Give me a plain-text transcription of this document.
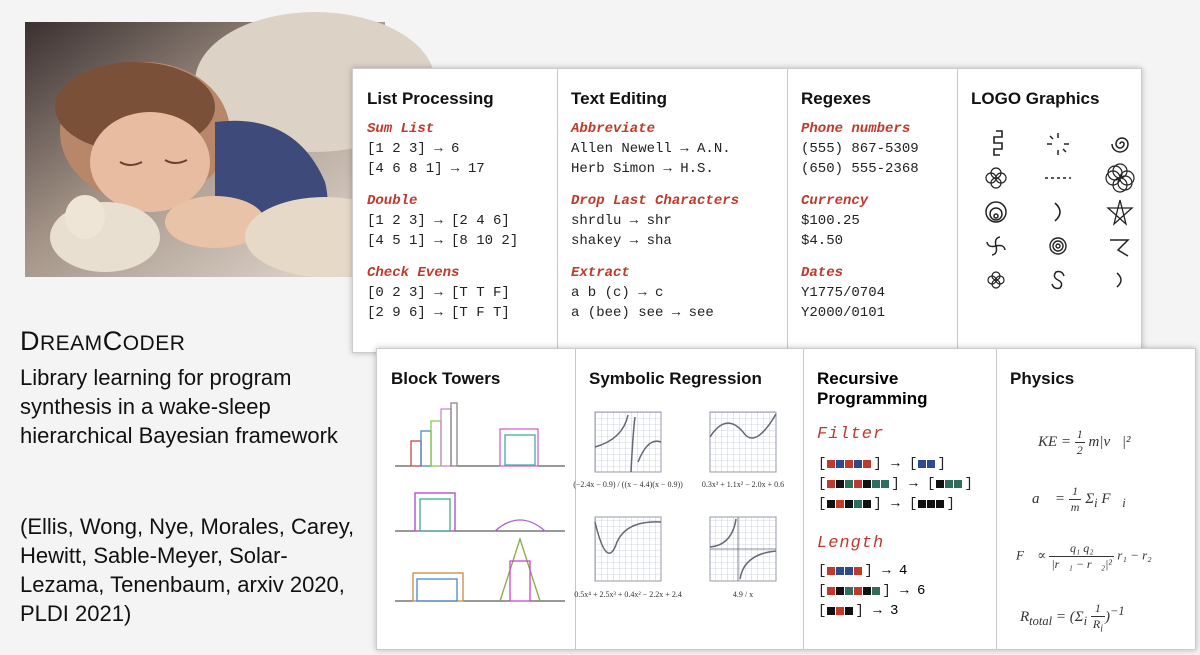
DREAMCODER
Library learning for program synthesis in a wake-sleep hierarchical Bayesian framework
(Ellis, Wong, Nye, Morales, Carey, Hewitt, Sable-Meyer, Solar-Lezama, Tenenbaum, arxiv 2020, PLDI 2021)
List Processing
Sum List
[1 2 3] → 6
[4 6 8 1] → 17
Double
[1 2 3] → [2 4 6]
[4 5 1] → [8 10 2]
Check Evens
[0 2 3] → [T T F]
[2 9 6] → [T F T]
Text Editing
Abbreviate
Allen Newell → A.N.
Herb Simon → H.S.
Drop Last Characters
shrdlu → shr
shakey → sha
Extract
a b (c) → c
a (bee) see → see
Regexes
Phone numbers
(555) 867-5309
(650) 555-2368
Currency
$100.25
$4.50
Dates
Y1775/0704
Y2000/0101
LOGO Graphics
Block Towers	Symbolic Regression
(−2.4x − 0.9) / ((x − 4.4)(x − 0.9)) 0.3x³ + 1.1x² − 2.0x + 0.6
0.5x⁴ + 2.5x³ + 0.4x² − 2.2x + 2.4	4.9 / x
Recursive
Programming
Filter
[	] → [ ]
[	] → [ ]
[	] → [ ]
Length
[	] → 4
[	] → 6
[ ] → 3
Physics
KE = $\frac{1}{2}$ m|v⃗|²
a⃗ = $\frac{1}{m} \Sigma_i$ $F⃗_i$
F⃗ ∝ $\frac{\text{q₁ q₂}}{\text{|r⃗₁ − r⃗₂|²}} r_1 - r_2$
$R_{total} = (\Sigma_i \frac{1}{R_i} )^{-1}$
